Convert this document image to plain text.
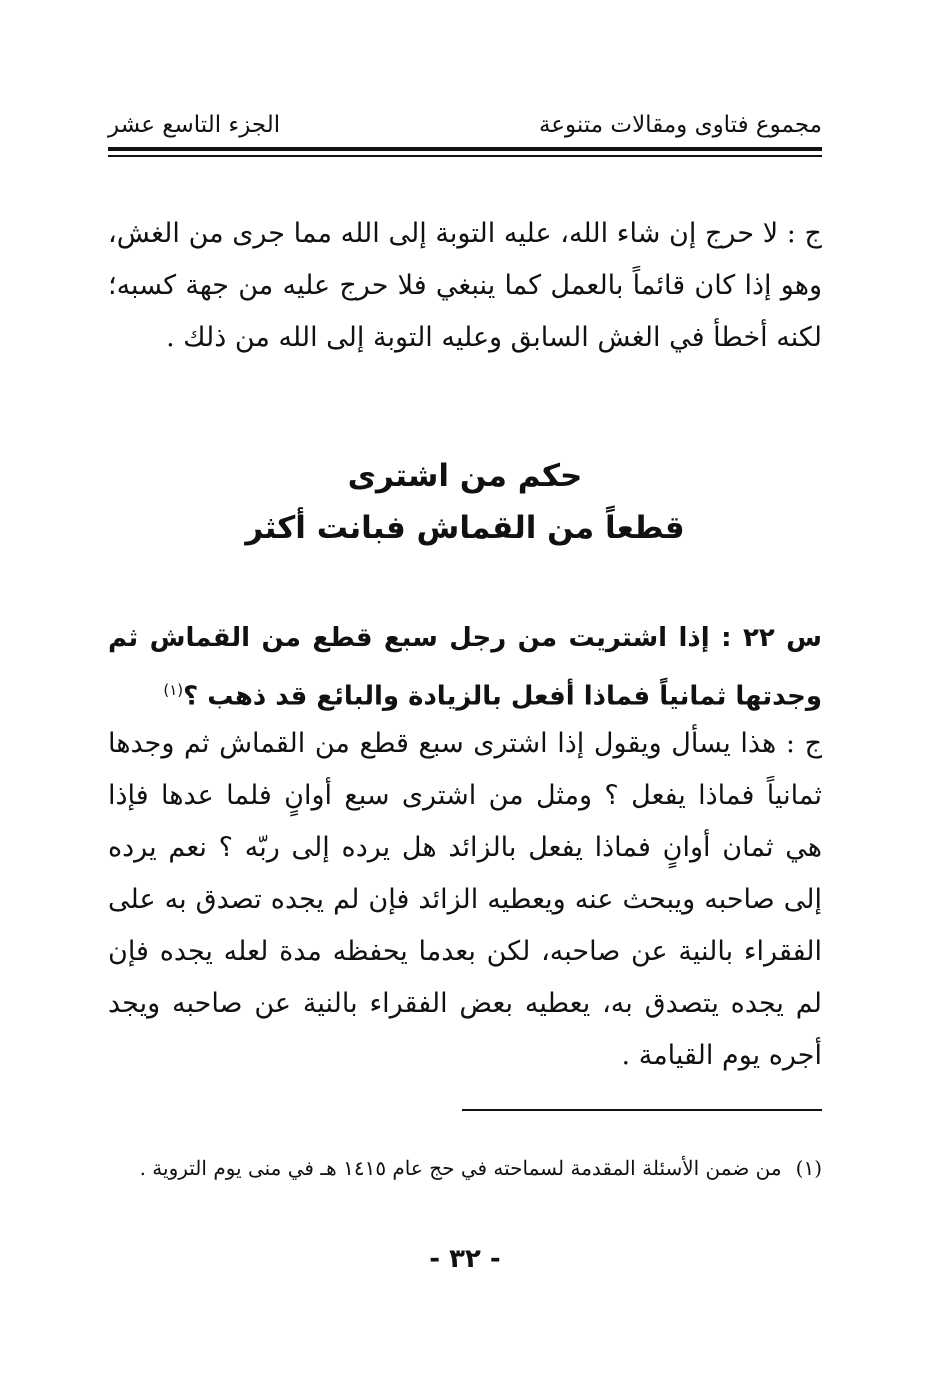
مجموع فتاوى ومقالات متنوعة
الجزء التاسع عشر

ج : لا حرج إن شاء الله، عليه التوبة إلى الله مما جرى من الغش، وهو إذا كان قائماً بالعمل كما ينبغي فلا حرج عليه من جهة كسبه؛ لكنه أخطأ في الغش السابق وعليه التوبة إلى الله من ذلك .

حكم من اشترى
قطعاً من القماش فبانت أكثر

س ٢٢ : إذا اشتريت من رجل سبع قطع من القماش ثم وجدتها ثمانياً فماذا أفعل بالزيادة والبائع قد ذهب ؟$^{(١)}$

ج : هذا يسأل ويقول إذا اشترى سبع قطع من القماش ثم وجدها ثمانياً فماذا يفعل ؟ ومثل من اشترى سبع أوانٍ فلما عدها فإذا هي ثمان أوانٍ فماذا يفعل بالزائد هل يرده إلى ربّه ؟ نعم يرده إلى صاحبه ويبحث عنه ويعطيه الزائد فإن لم يجده تصدق به على الفقراء بالنية عن صاحبه، لكن بعدما يحفظه مدة لعله يجده فإن لم يجده يتصدق به، يعطيه بعض الفقراء بالنية عن صاحبه ويجد أجره يوم القيامة .

(١)
من ضمن الأسئلة المقدمة لسماحته في حج عام ١٤١٥ هـ في منى يوم التروية .
- ٣٢ -
